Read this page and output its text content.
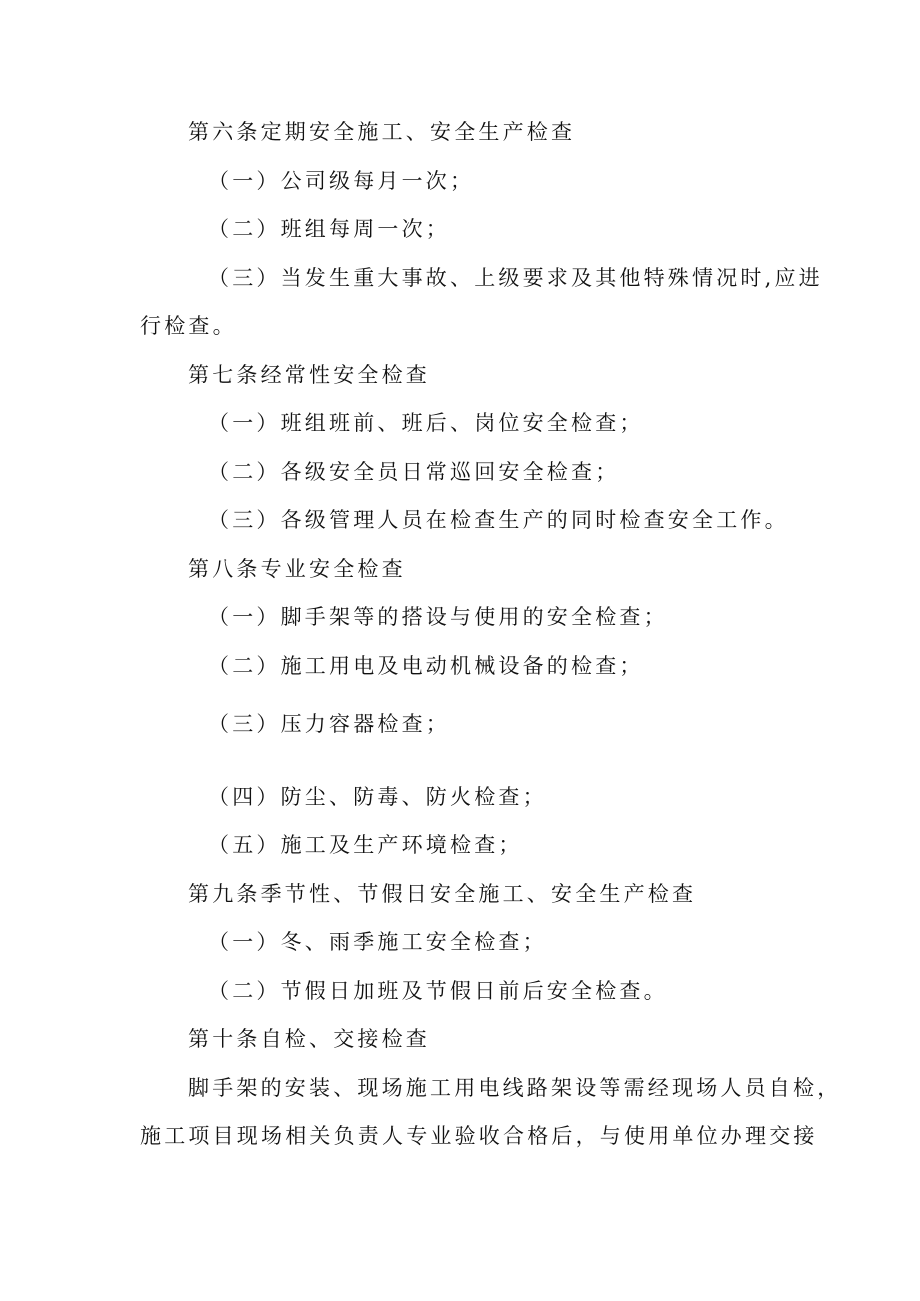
第六条定期安全施工、安全生产检查
（一）公司级每月一次；
（二）班组每周一次；
（三）当发生重大事故、上级要求及其他特殊情况时,应进
行检查。
第七条经常性安全检查
（一）班组班前、班后、岗位安全检查；
（二）各级安全员日常巡回安全检查；
（三）各级管理人员在检查生产的同时检查安全工作。
第八条专业安全检查
（一）脚手架等的搭设与使用的安全检查；
（二）施工用电及电动机械设备的检查；
（三）压力容器检查；
（四）防尘、防毒、防火检查；
（五）施工及生产环境检查；
第九条季节性、节假日安全施工、安全生产检查
（一）冬、雨季施工安全检查；
（二）节假日加班及节假日前后安全检查。
第十条自检、交接检查
脚手架的安装、现场施工用电线路架设等需经现场人员自检，
施工项目现场相关负责人专业验收合格后，与使用单位办理交接
